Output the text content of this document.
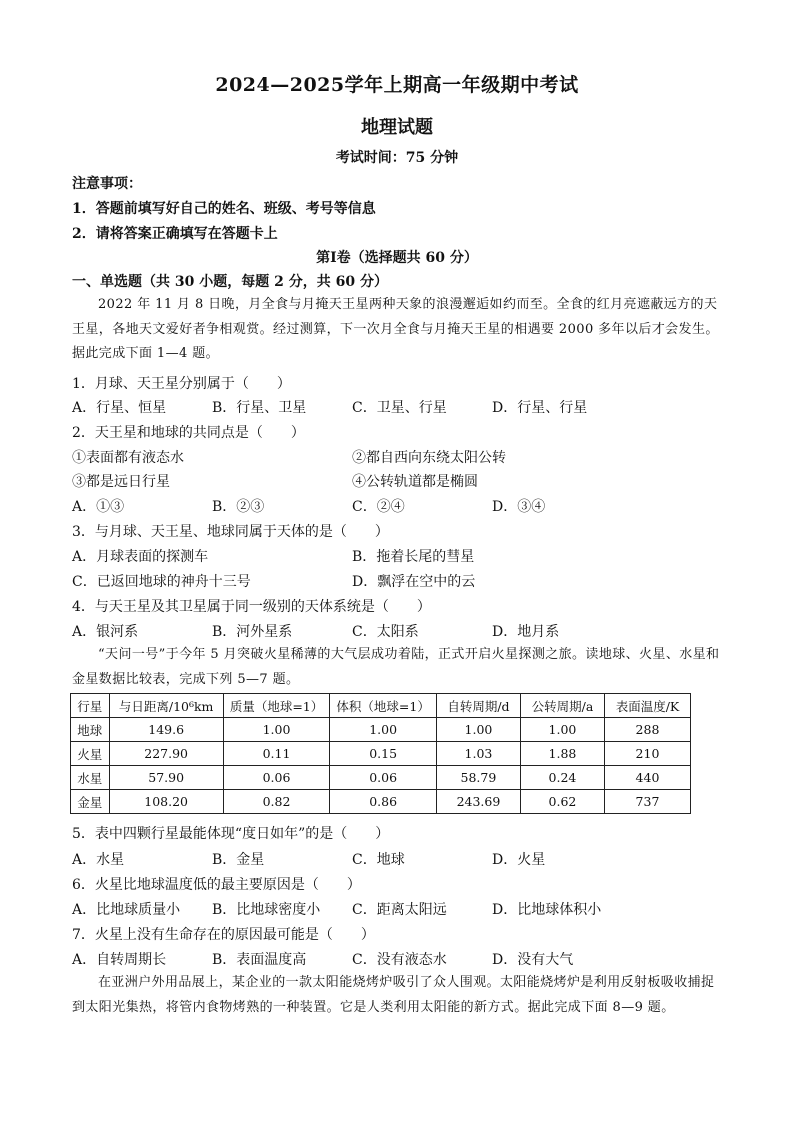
2024—2025学年上期高一年级期中考试
地理试题
考试时间：75 分钟
注意事项：
1．答题前填写好自己的姓名、班级、考号等信息
2．请将答案正确填写在答题卡上
第Ⅰ卷（选择题共 60 分）
一、单选题（共 30 小题，每题 2 分，共 60 分）
2022 年 11 月 8 日晚，月全食与月掩天王星两种天象的浪漫邂逅如约而至。全食的红月亮遮蔽远方的天王星，各地天文爱好者争相观赏。经过测算，下一次月全食与月掩天王星的相遇要 2000 多年以后才会发生。据此完成下面 1—4 题。
1．月球、天王星分别属于（　　）
A．行星、恒星	B．行星、卫星	C．卫星、行星	D．行星、行星
2．天王星和地球的共同点是（　　）
①表面都有液态水	②都自西向东绕太阳公转
③都是远日行星	④公转轨道都是椭圆
A．①③	B．②③	C．②④	D．③④
3．与月球、天王星、地球同属于天体的是（　　）
A．月球表面的探测车	B．拖着长尾的彗星
C．已返回地球的神舟十三号	D．飘浮在空中的云
4．与天王星及其卫星属于同一级别的天体系统是（　　）
A．银河系	B．河外星系	C．太阳系	D．地月系
“天问一号”于今年 5 月突破火星稀薄的大气层成功着陆，正式开启火星探测之旅。读地球、火星、水星和金星数据比较表，完成下列 5—7 题。
行星	与日距离/10⁶km	质量（地球=1）	体积（地球=1）	自转周期/d	公转周期/a	表面温度/K
地球	149.6	1.00	1.00	1.00	1.00	288
火星	227.90	0.11	0.15	1.03	1.88	210
水星	57.90	0.06	0.06	58.79	0.24	440
金星	108.20	0.82	0.86	243.69	0.62	737
5．表中四颗行星最能体现“度日如年”的是（　　）
A．水星	B．金星	C．地球	D．火星
6．火星比地球温度低的最主要原因是（　　）
A．比地球质量小 B．比地球密度小 C．距离太阳远	D．比地球体积小
7．火星上没有生命存在的原因最可能是（　　）
A．自转周期长	B．表面温度高	C．没有液态水	D．没有大气
在亚洲户外用品展上，某企业的一款太阳能烧烤炉吸引了众人围观。太阳能烧烤炉是利用反射板吸收捕捉到太阳光集热，将管内食物烤熟的一种装置。它是人类利用太阳能的新方式。据此完成下面 8—9 题。
